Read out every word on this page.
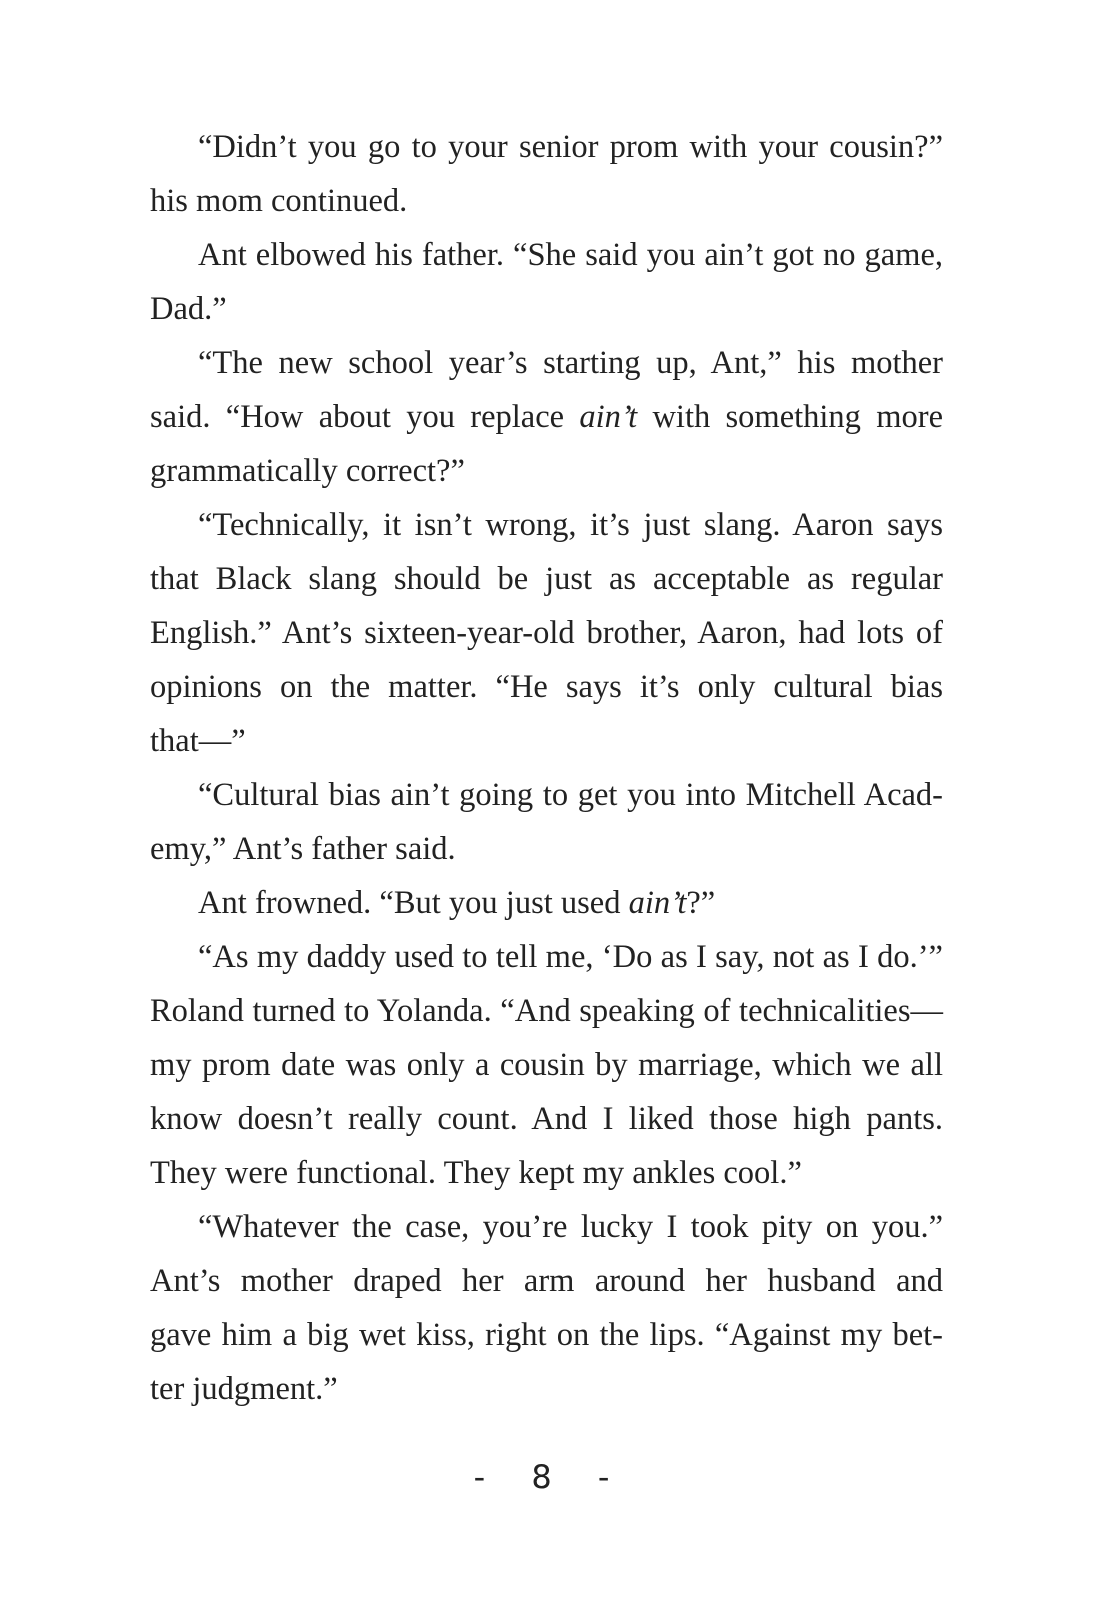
“Didn’t you go to your senior prom with your cousin?”
his mom continued.
Ant elbowed his father. “She said you ain’t got no game,
Dad.”
“The new school year’s starting up, Ant,” his mother
said. “How about you replace ain’t with something more
grammatically correct?”
“Technically, it isn’t wrong, it’s just slang. Aaron says
that Black slang should be just as acceptable as regular
English.” Ant’s sixteen-year-old brother, Aaron, had lots of
opinions on the matter. “He says it’s only cultural bias
that—”
“Cultural bias ain’t going to get you into Mitchell Acad-
emy,” Ant’s father said.
Ant frowned. “But you just used ain’t?”
“As my daddy used to tell me, ‘Do as I say, not as I do.’”
Roland turned to Yolanda. “And speaking of technicalities—
my prom date was only a cousin by marriage, which we all
know doesn’t really count. And I liked those high pants.
They were functional. They kept my ankles cool.”
“Whatever the case, you’re lucky I took pity on you.”
Ant’s mother draped her arm around her husband and
gave him a big wet kiss, right on the lips. “Against my bet-
ter judgment.”
- 8 -
